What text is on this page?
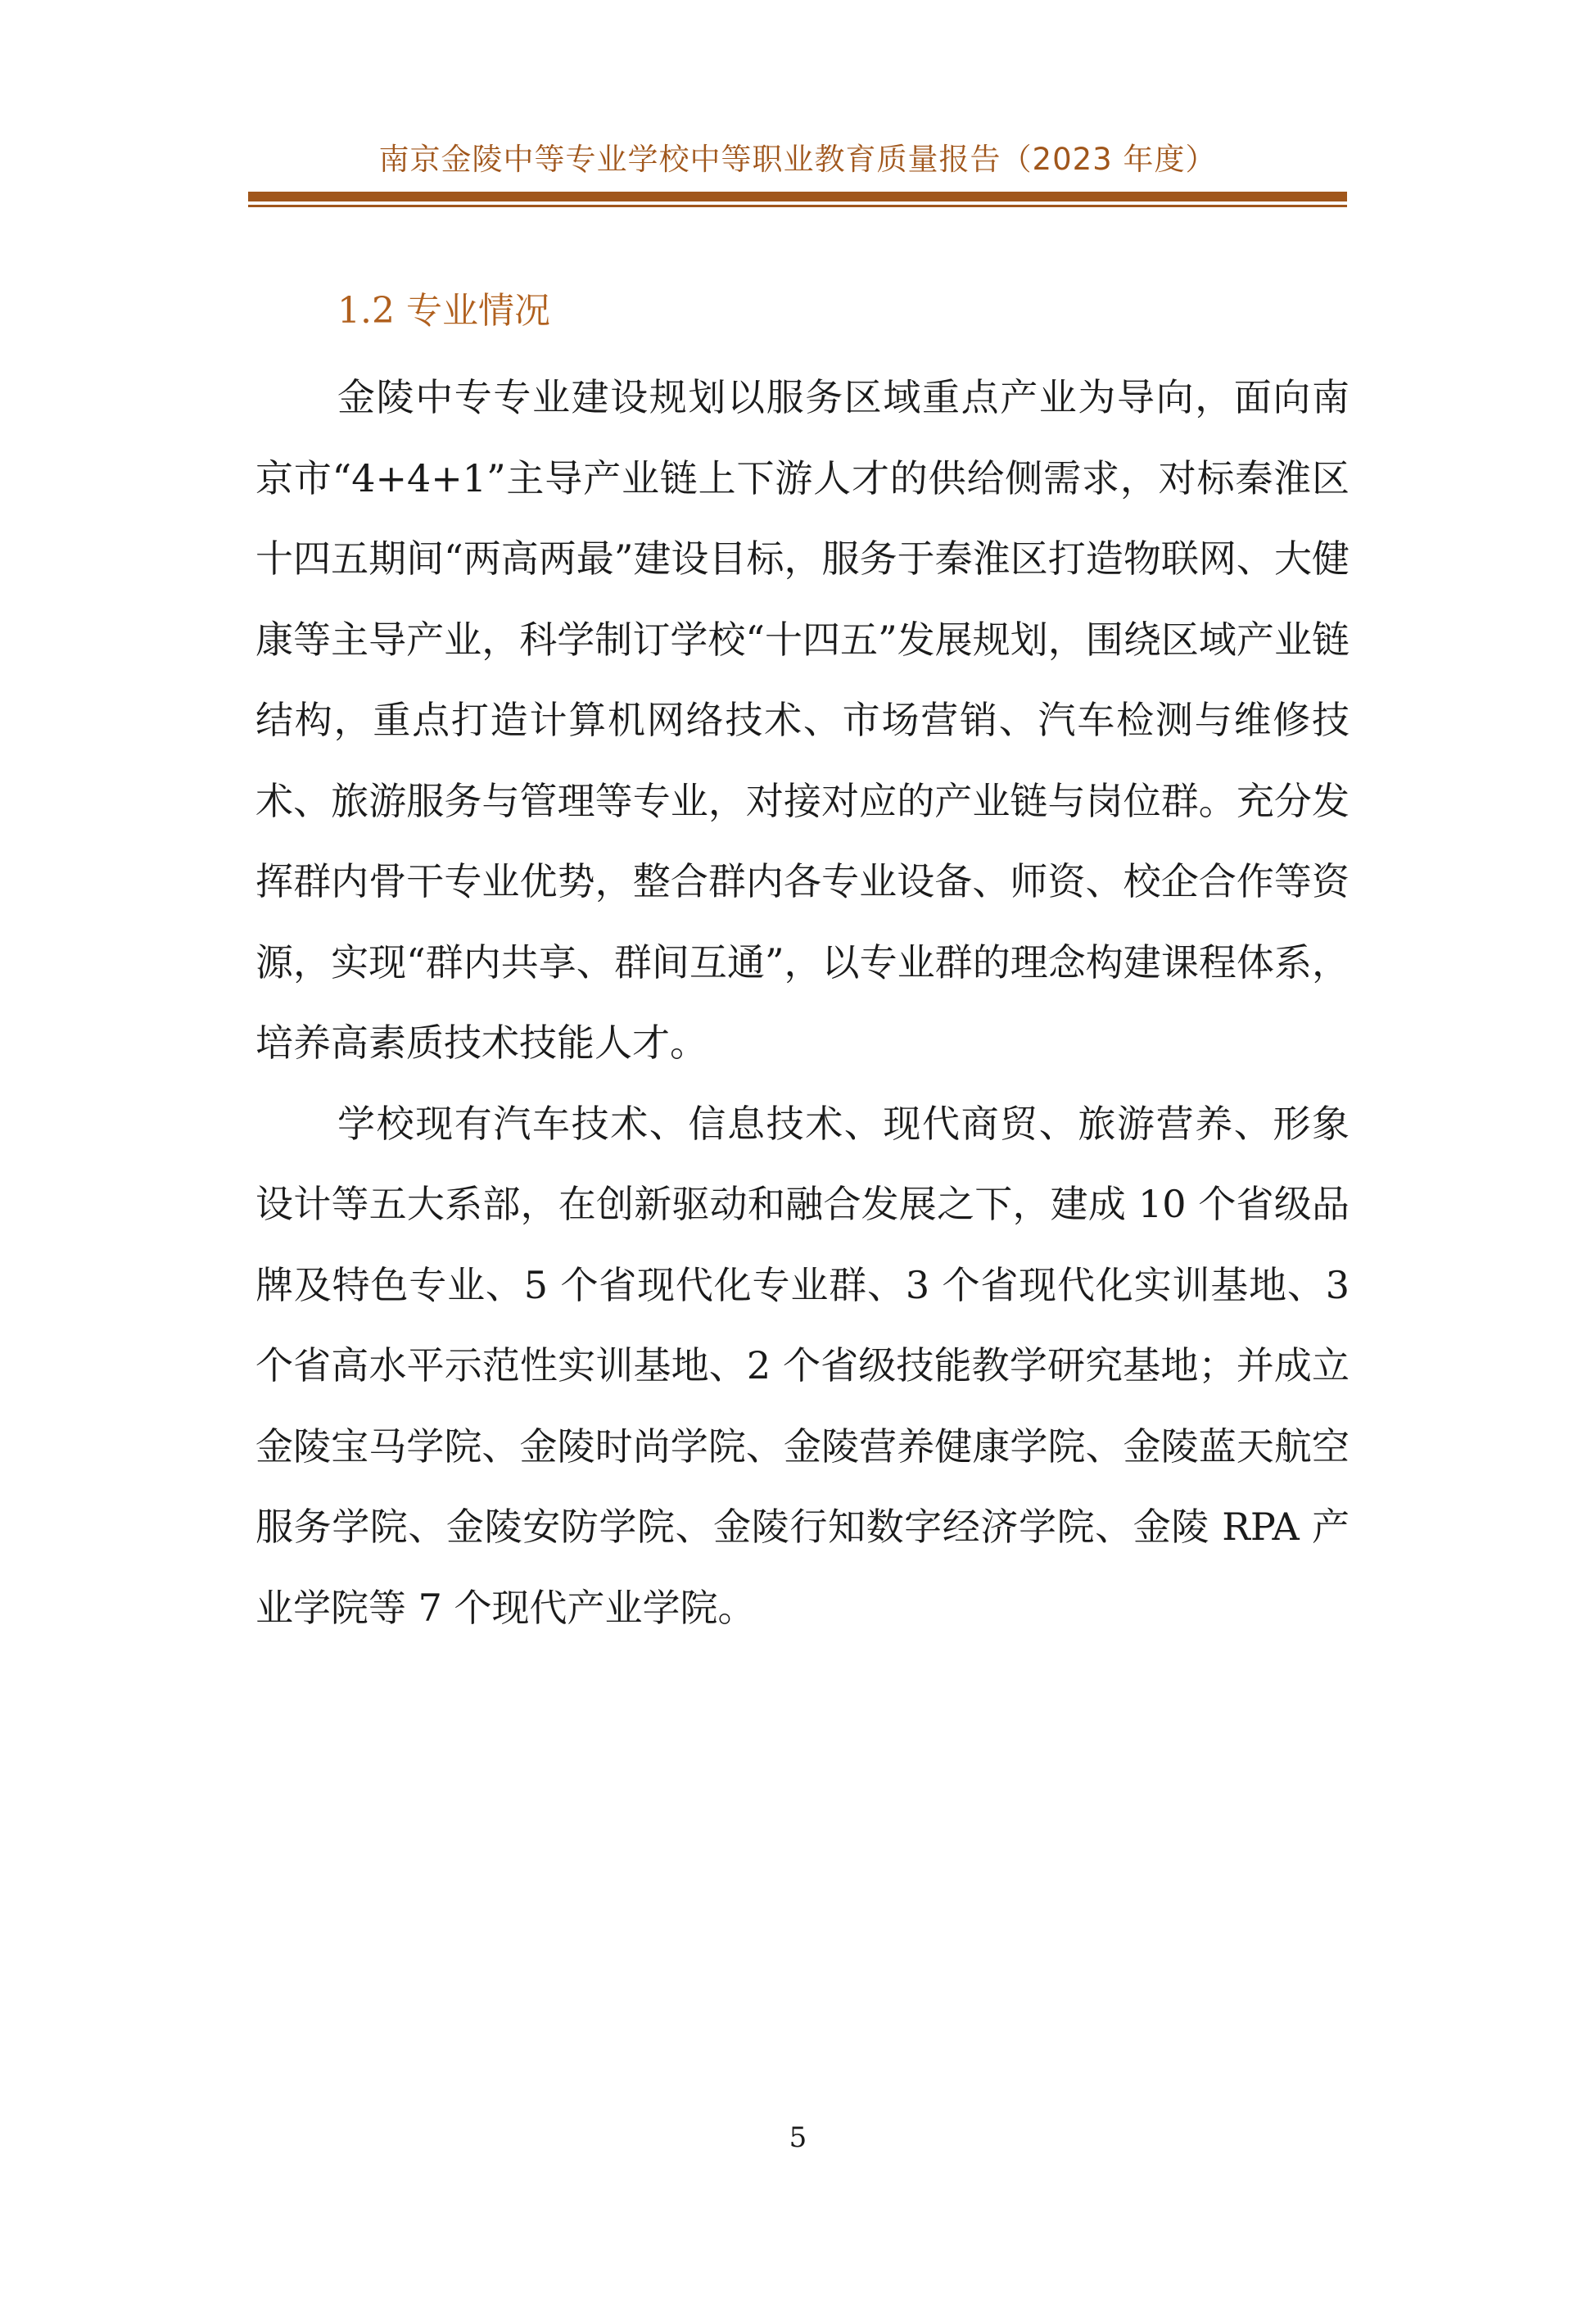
南京金陵中等专业学校中等职业教育质量报告（2023 年度）
1.2 专业情况

金陵中专专业建设规划以服务区域重点产业为导向，面向南京市“4+4+1”主导产业链上下游人才的供给侧需求，对标秦淮区十四五期间“两高两最”建设目标，服务于秦淮区打造物联网、大健康等主导产业，科学制订学校“十四五”发展规划，围绕区域产业链结构，重点打造计算机网络技术、市场营销、汽车检测与维修技术、旅游服务与管理等专业，对接对应的产业链与岗位群。充分发挥群内骨干专业优势，整合群内各专业设备、师资、校企合作等资源，实现“群内共享、群间互通”，以专业群的理念构建课程体系，培养高素质技术技能人才。

学校现有汽车技术、信息技术、现代商贸、旅游营养、形象设计等五大系部，在创新驱动和融合发展之下，建成 10 个省级品牌及特色专业、5 个省现代化专业群、3 个省现代化实训基地、3 个省高水平示范性实训基地、2 个省级技能教学研究基地；并成立金陵宝马学院、金陵时尚学院、金陵营养健康学院、金陵蓝天航空服务学院、金陵安防学院、金陵行知数字经济学院、金陵 RPA 产业学院等 7 个现代产业学院。

5
